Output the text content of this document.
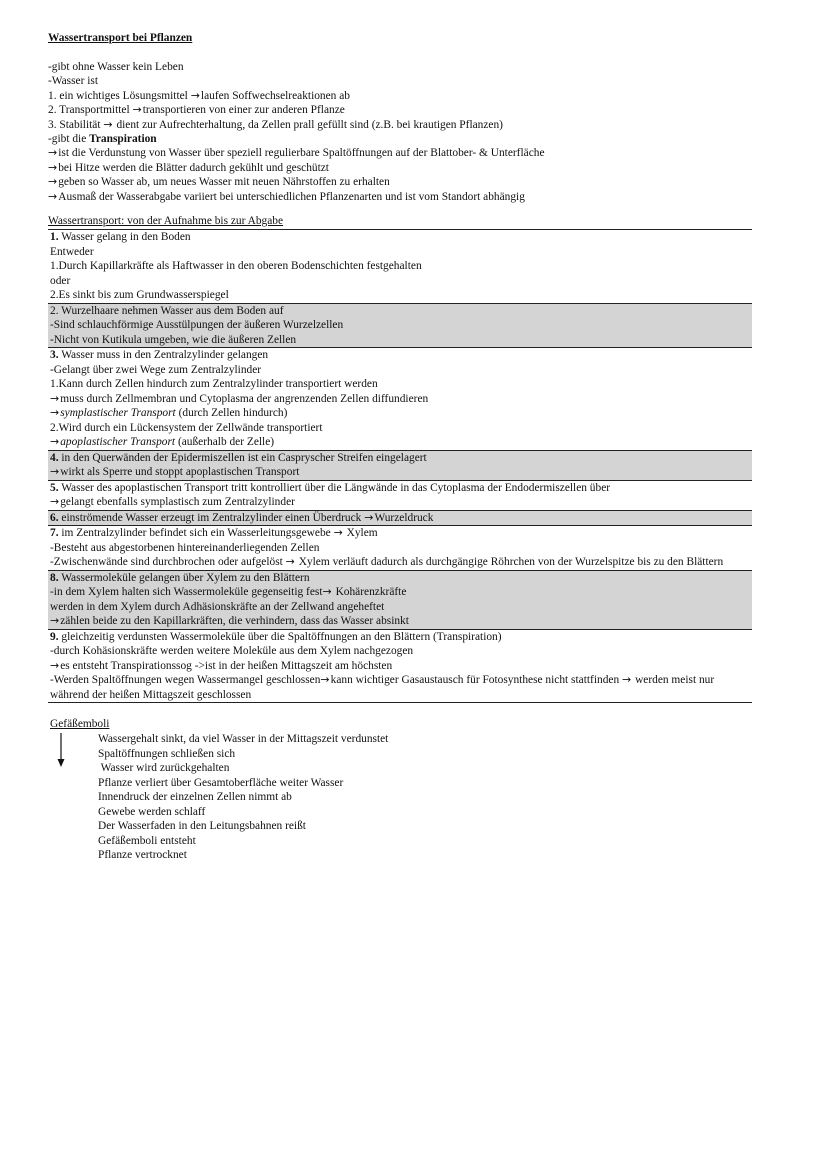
Wassertransport bei Pflanzen
-gibt ohne Wasser kein Leben
-Wasser ist
1. ein wichtiges Lösungsmittel →laufen Soffwechselreaktionen ab
2. Transportmittel →transportieren von einer zur anderen Pflanze
3. Stabilität → dient zur Aufrechterhaltung, da Zellen prall gefüllt sind (z.B. bei krautigen Pflanzen)
-gibt die Transpiration
→ist die Verdunstung von Wasser über speziell regulierbare Spaltöffnungen auf der Blattober- & Unterfläche
→bei Hitze werden die Blätter dadurch gekühlt und geschützt
→geben so Wasser ab, um neues Wasser mit neuen Nährstoffen zu erhalten
→Ausmaß der Wasserabgabe variiert bei unterschiedlichen Pflanzenarten und ist vom Standort abhängig
Wassertransport: von der Aufnahme bis zur Abgabe
1. Wasser gelang in den Boden
Entweder
1.Durch Kapillarkräfte als Haftwasser in den oberen Bodenschichten festgehalten
oder
2.Es sinkt bis zum Grundwasserspiegel

2. Wurzelhaare nehmen Wasser aus dem Boden auf
-Sind schlauchförmige Ausstülpungen der äußeren Wurzelzellen
-Nicht von Kutikula umgeben, wie die äußeren Zellen

3. Wasser muss in den Zentralzylinder gelangen
-Gelangt über zwei Wege zum Zentralzylinder
1.Kann durch Zellen hindurch zum Zentralzylinder transportiert werden
→muss durch Zellmembran und Cytoplasma der angrenzenden Zellen diffundieren
→symplastischer Transport (durch Zellen hindurch)
2.Wird durch ein Lückensystem der Zellwände transportiert
→apoplastischer Transport (außerhalb der Zelle)

4. in den Querwänden der Epidermiszellen ist ein Caspryscher Streifen eingelagert
→wirkt als Sperre und stoppt apoplastischen Transport

5. Wasser des apoplastischen Transport tritt kontrolliert über die Längwände in das Cytoplasma der Endodermiszellen über
→gelangt ebenfalls symplastisch zum Zentralzylinder

6. einströmende Wasser erzeugt im Zentralzylinder einen Überdruck →Wurzeldruck

7. im Zentralzylinder befindet sich ein Wasserleitungsgewebe → Xylem
-Besteht aus abgestorbenen hintereinanderliegenden Zellen
-Zwischenwände sind durchbrochen oder aufgelöst → Xylem verläuft dadurch als durchgängige Röhrchen von der Wurzelspitze bis zu den Blättern

8. Wassermoleküle gelangen über Xylem zu den Blättern
-in dem Xylem halten sich Wassermoleküle gegenseitig fest→ Kohärenzkräfte
werden in dem Xylem durch Adhäsionskräfte an der Zellwand angeheftet
→zählen beide zu den Kapillarkräften, die verhindern, dass das Wasser absinkt

9. gleichzeitig verdunsten Wassermoleküle über die Spaltöffnungen an den Blättern (Transpiration)
-durch Kohäsionskräfte werden weitere Moleküle aus dem Xylem nachgezogen
→es entsteht Transpirationssog ->ist in der heißen Mittagszeit am höchsten
-Werden Spaltöffnungen wegen Wassermangel geschlossen→kann wichtiger Gasaustausch für Fotosynthese nicht stattfinden → werden meist nur während der heißen Mittagszeit geschlossen
Gefäßemboli
Wassergehalt sinkt, da viel Wasser in der Mittagszeit verdunstet
Spaltöffnungen schließen sich
Wasser wird zurückgehalten
Pflanze verliert über Gesamtoberfläche weiter Wasser
Innendruck der einzelnen Zellen nimmt ab
Gewebe werden schlaff
Der Wasserfaden in den Leitungsbahnen reißt
Gefäßemboli entsteht
Pflanze vertrocknet
